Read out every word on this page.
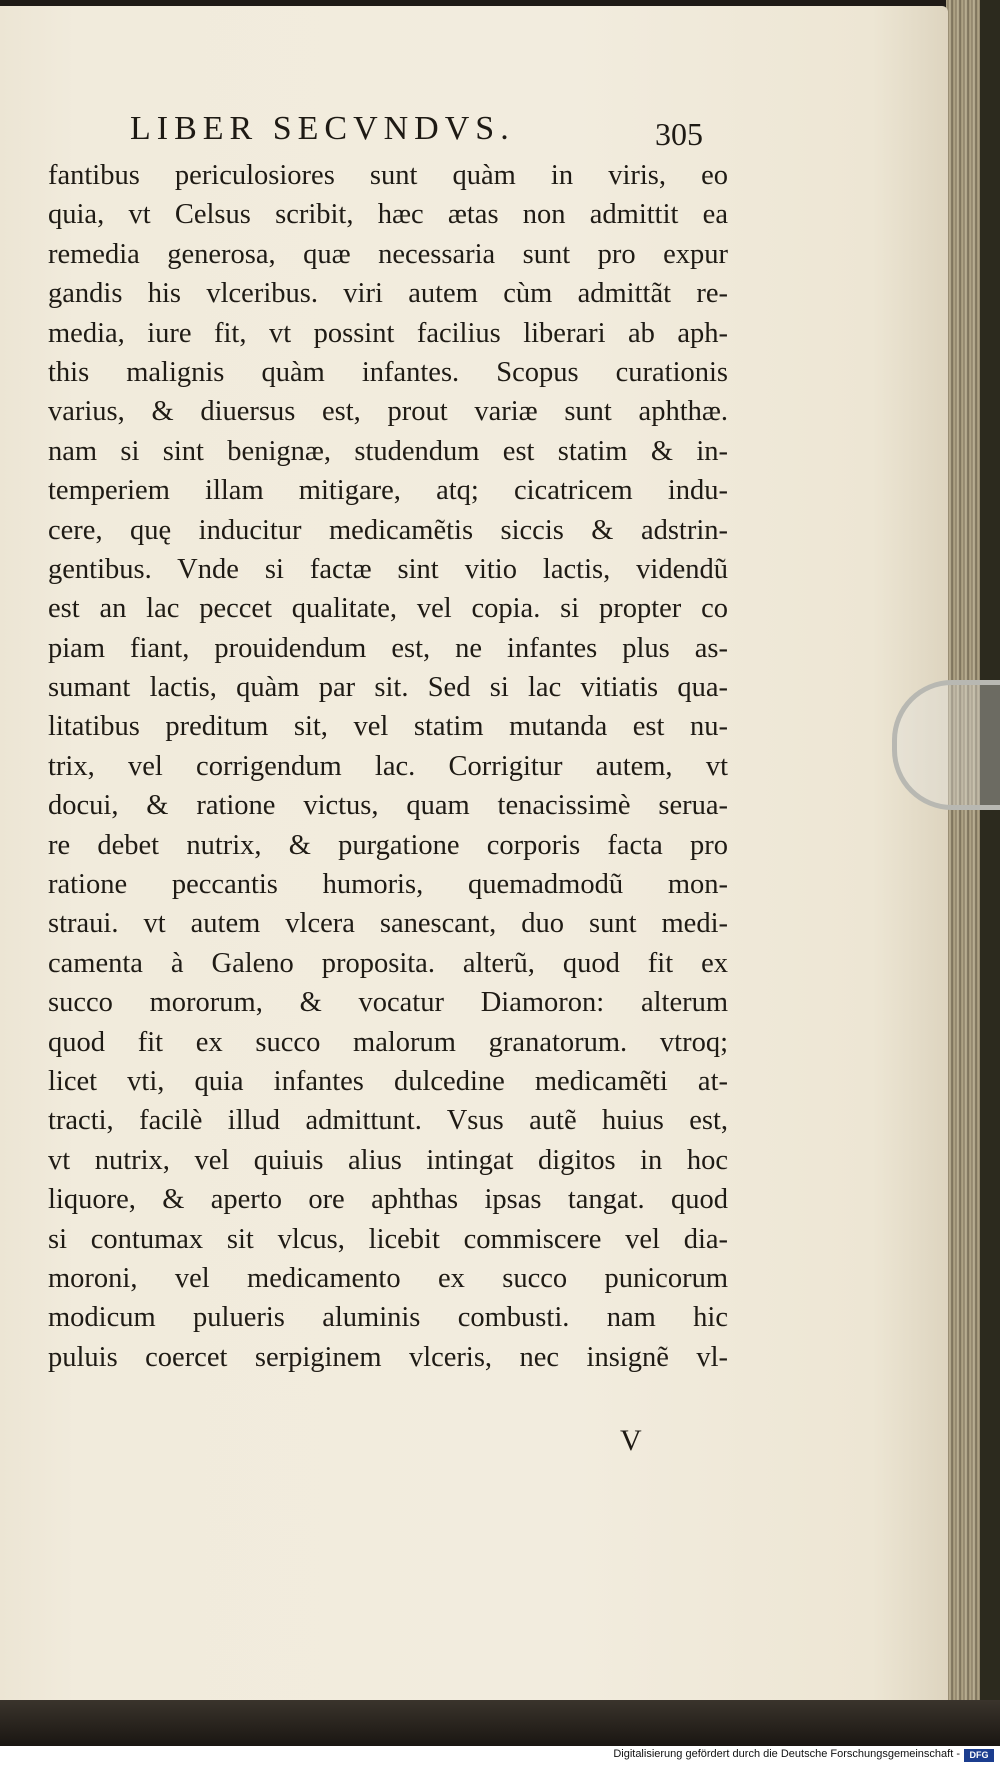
LIBER SECVNDVS.	305
fantibus periculosiores sunt quàm in viris, eo
quia, vt Celsus scribit, hæc ætas non admittit ea
remedia generosa, quæ necessaria sunt pro expur
gandis his vlceribus. viri autem cùm admittãt re-
media, iure fit, vt possint facilius liberari ab aph-
this malignis quàm infantes. Scopus curationis
varius, & diuersus est, prout variæ sunt aphthæ.
nam si sint benignæ, studendum est statim & in-
temperiem illam mitigare, atq; cicatricem indu-
cere, quę inducitur medicamẽtis siccis & adstrin-
gentibus. Vnde si factæ sint vitio lactis, videndũ
est an lac peccet qualitate, vel copia. si propter co
piam fiant, prouidendum est, ne infantes plus as-
sumant lactis, quàm par sit. Sed si lac vitiatis qua-
litatibus preditum sit, vel statim mutanda est nu-
trix, vel corrigendum lac. Corrigitur autem, vt
docui, & ratione victus, quam tenacissimè serua-
re debet nutrix, & purgatione corporis facta pro
ratione peccantis humoris, quemadmodũ mon-
straui. vt autem vlcera sanescant, duo sunt medi-
camenta à Galeno proposita. alterũ, quod fit ex
succo mororum, & vocatur Diamoron: alterum
quod fit ex succo malorum granatorum. vtroq;
licet vti, quia infantes dulcedine medicamẽti at-
tracti, facilè illud admittunt. Vsus autẽ huius est,
vt nutrix, vel quiuis alius intingat digitos in hoc
liquore, & aperto ore aphthas ipsas tangat. quod
si contumax sit vlcus, licebit commiscere vel dia-
moroni, vel medicamento ex succo punicorum
modicum pulueris aluminis combusti. nam hic
puluis coercet serpiginem vlceris, nec insignẽ vl-
V
Digitalisierung gefördert durch die Deutsche Forschungsgemeinschaft -	DFG
